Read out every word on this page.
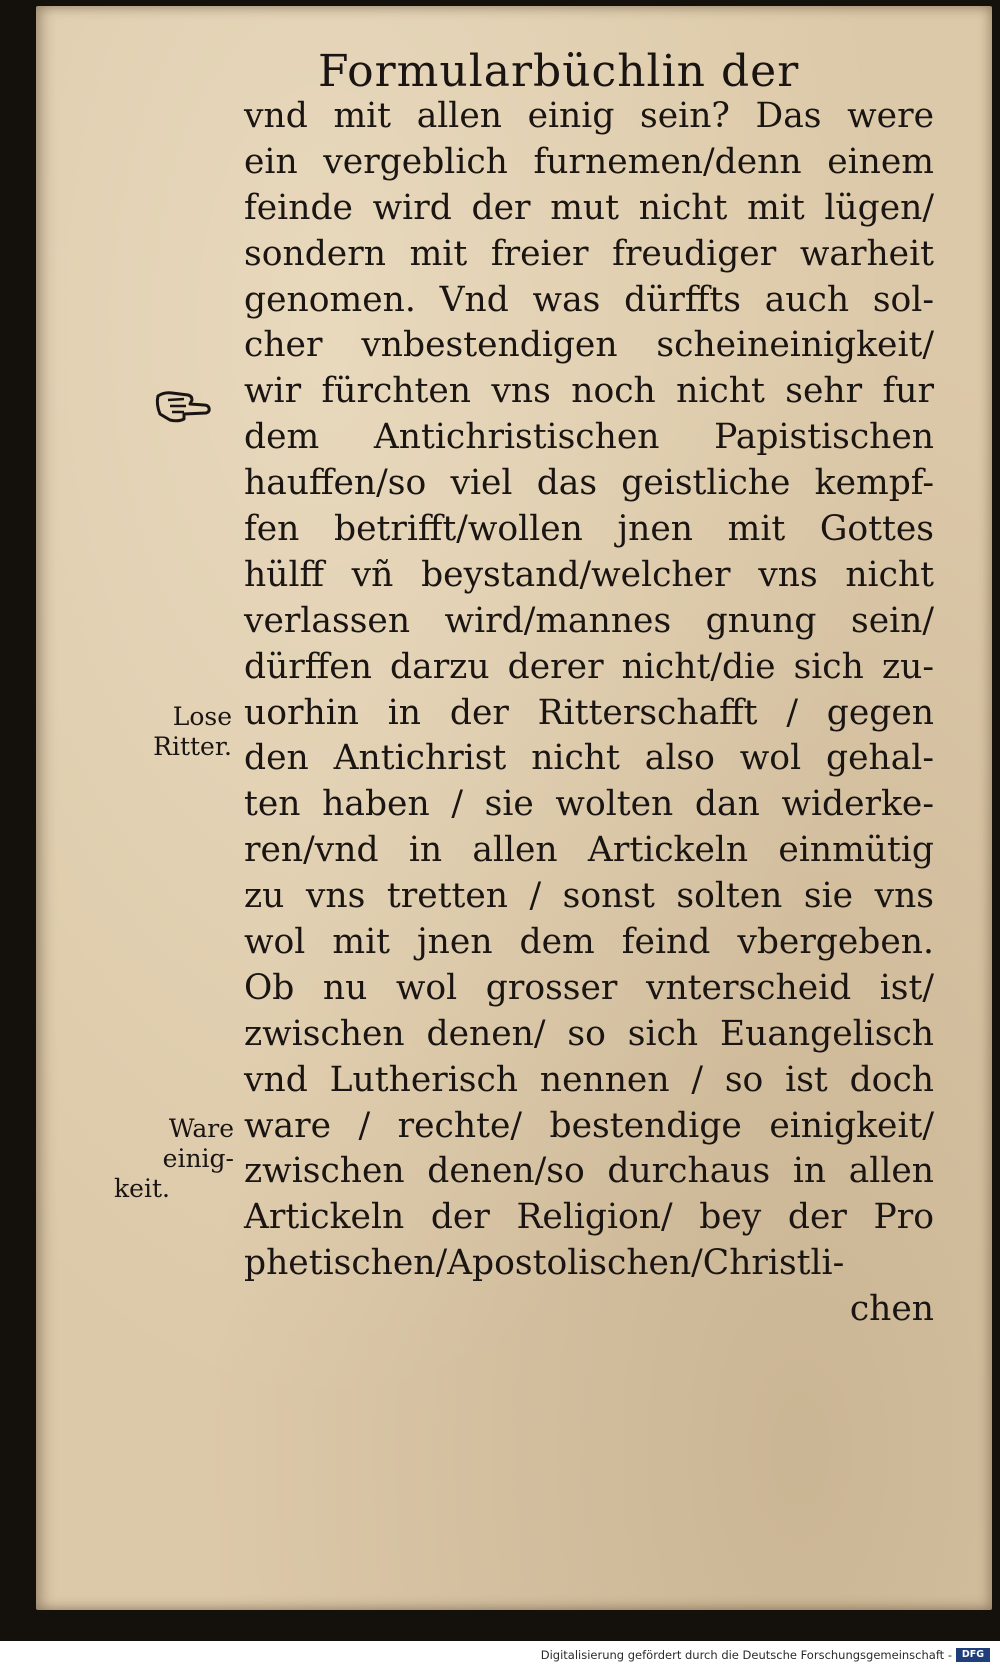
Formularbüchlin der
vnd mit allen einig sein? Das were
ein vergeblich furnemen/denn einem
feinde wird der mut nicht mit lügen/
sondern mit freier freudiger warheit
genomen. Vnd was dürffts auch sol-
cher vnbestendigen scheineinigkeit/
wir fürchten vns noch nicht sehr fur
dem Antichristischen Papistischen
hauffen/so viel das geistliche kempf-
fen betrifft/wollen jnen mit Gottes
hülff vñ beystand/welcher vns nicht
verlassen wird/mannes gnung sein/
dürffen darzu derer nicht/die sich zu-
uorhin in der Ritterschafft / gegen
den Antichrist nicht also wol gehal-
ten haben / sie wolten dan widerke-
ren/vnd in allen Artickeln einmütig
zu vns tretten / sonst solten sie vns
wol mit jnen dem feind vbergeben.
Ob nu wol grosser vnterscheid ist/
zwischen denen/ so sich Euangelisch
vnd Lutherisch nennen / so ist doch
ware / rechte/ bestendige einigkeit/
zwischen denen/so durchaus in allen
Artickeln der Religion/ bey der Pro
phetischen/Apostolischen/Christli-
chen
Lose
Ritter.
Ware
einig-
keit.
Digitalisierung gefördert durch die Deutsche Forschungsgemeinschaft -	DFG
